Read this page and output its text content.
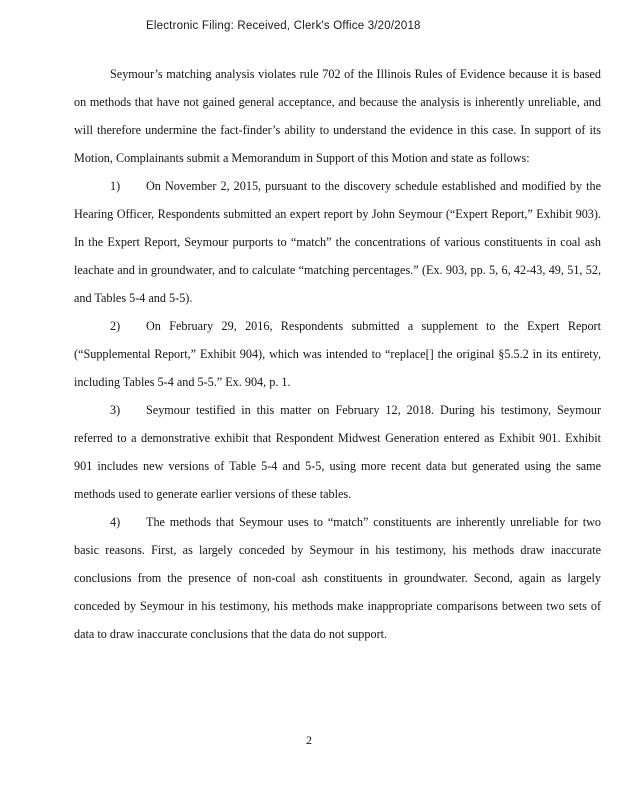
Electronic Filing: Received, Clerk's Office 3/20/2018

Seymour’s matching analysis violates rule 702 of the Illinois Rules of Evidence because it is based on methods that have not gained general acceptance, and because the analysis is inherently unreliable, and will therefore undermine the fact-finder’s ability to understand the evidence in this case. In support of its Motion, Complainants submit a Memorandum in Support of this Motion and state as follows:

1) On November 2, 2015, pursuant to the discovery schedule established and modified by the Hearing Officer, Respondents submitted an expert report by John Seymour (“Expert Report,” Exhibit 903). In the Expert Report, Seymour purports to “match” the concentrations of various constituents in coal ash leachate and in groundwater, and to calculate “matching percentages.” (Ex. 903, pp. 5, 6, 42-43, 49, 51, 52, and Tables 5-4 and 5-5).

2) On February 29, 2016, Respondents submitted a supplement to the Expert Report (“Supplemental Report,” Exhibit 904), which was intended to “replace[] the original §5.5.2 in its entirety, including Tables 5-4 and 5-5.” Ex. 904, p. 1.

3) Seymour testified in this matter on February 12, 2018. During his testimony, Seymour referred to a demonstrative exhibit that Respondent Midwest Generation entered as Exhibit 901. Exhibit 901 includes new versions of Table 5-4 and 5-5, using more recent data but generated using the same methods used to generate earlier versions of these tables.

4) The methods that Seymour uses to “match” constituents are inherently unreliable for two basic reasons. First, as largely conceded by Seymour in his testimony, his methods draw inaccurate conclusions from the presence of non-coal ash constituents in groundwater. Second, again as largely conceded by Seymour in his testimony, his methods make inappropriate comparisons between two sets of data to draw inaccurate conclusions that the data do not support.

2
